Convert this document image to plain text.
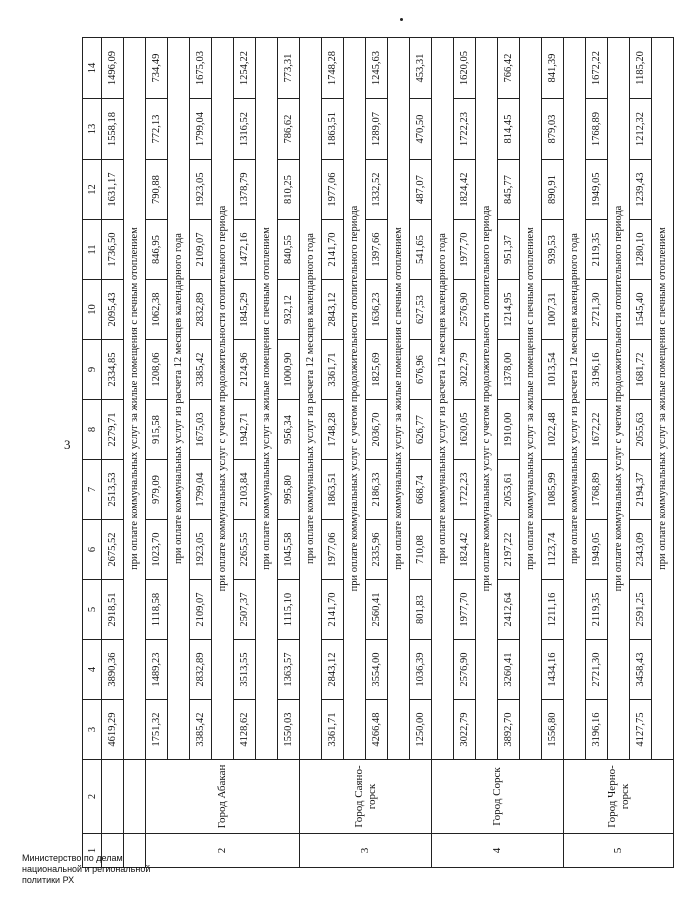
3
1	2	3	4	5	6	7	8	9	10	11	12	13	14
		4619,29	3890,36	2918,51	2675,52	2513,53	2279,71	2334,85	2095,43	1736,50	1631,17	1558,18	1496,09
		при оплате коммунальных услуг за жилые помещения с печным отоплением											
2	Город Абакан	1751,32	1489,23	1118,58	1023,70	979,09	915,58	1208,06	1062,38	846,95	790,88	772,13	734,49
		при оплате коммунальных услуг из расчета 12 месяцев календарного года											
		3385,42	2832,89	2109,07	1923,05	1799,04	1675,03	3385,42	2832,89	2109,07	1923,05	1799,04	1675,03
		при оплате коммунальных услуг с учетом продолжительности отопительного периода											
		4128,62	3513,55	2507,37	2265,55	2103,84	1942,71	2124,96	1845,29	1472,16	1378,79	1316,52	1254,22
		при оплате коммунальных услуг за жилые помещения с печным отоплением											
		1550,03	1363,57	1115,10	1045,58	995,80	956,34	1000,90	932,12	840,55	810,25	786,62	773,31
3	Город Саяно-горск	при оплате коммунальных услуг из расчета 12 месяцев календарного года											
		3361,71	2843,12	2141,70	1977,06	1863,51	1748,28	3361,71	2843,12	2141,70	1977,06	1863,51	1748,28
		при оплате коммунальных услуг с учетом продолжительности отопительного периода											
		4266,48	3554,00	2560,41	2335,96	2186,33	2036,70	1825,69	1636,23	1397,66	1332,52	1289,07	1245,63
		при оплате коммунальных услуг за жилые помещения с печным отоплением											
		1250,00	1036,39	801,83	710,08	668,74	626,77	676,96	627,53	541,65	487,07	470,50	453,31
4	Город Сорск	при оплате коммунальных услуг из расчета 12 месяцев календарного года											
		3022,79	2576,90	1977,70	1824,42	1722,23	1620,05	3022,79	2576,90	1977,70	1824,42	1722,23	1620,05
		при оплате коммунальных услуг с учетом продолжительности отопительного периода											
		3892,70	3260,41	2412,64	2197,22	2053,61	1910,00	1378,00	1214,95	951,37	845,77	814,45	766,42
		при оплате коммунальных услуг за жилые помещения с печным отоплением											
		1556,80	1434,16	1211,16	1123,74	1085,99	1022,48	1013,54	1007,31	939,53	890,91	879,03	841,39
5	Город Черно-горск	при оплате коммунальных услуг из расчета 12 месяцев календарного года											
		3196,16	2721,30	2119,35	1949,05	1768,89	1672,22	3196,16	2721,30	2119,35	1949,05	1768,89	1672,22
		при оплате коммунальных услуг с учетом продолжительности отопительного периода											
		4127,75	3458,43	2591,25	2343,09	2194,37	2055,63	1681,72	1545,40	1280,10	1239,43	1212,32	1185,20
		при оплате коммунальных услуг за жилые помещения с печным отоплением											
Министерство по делам
национальной и региональной
политики РХ
